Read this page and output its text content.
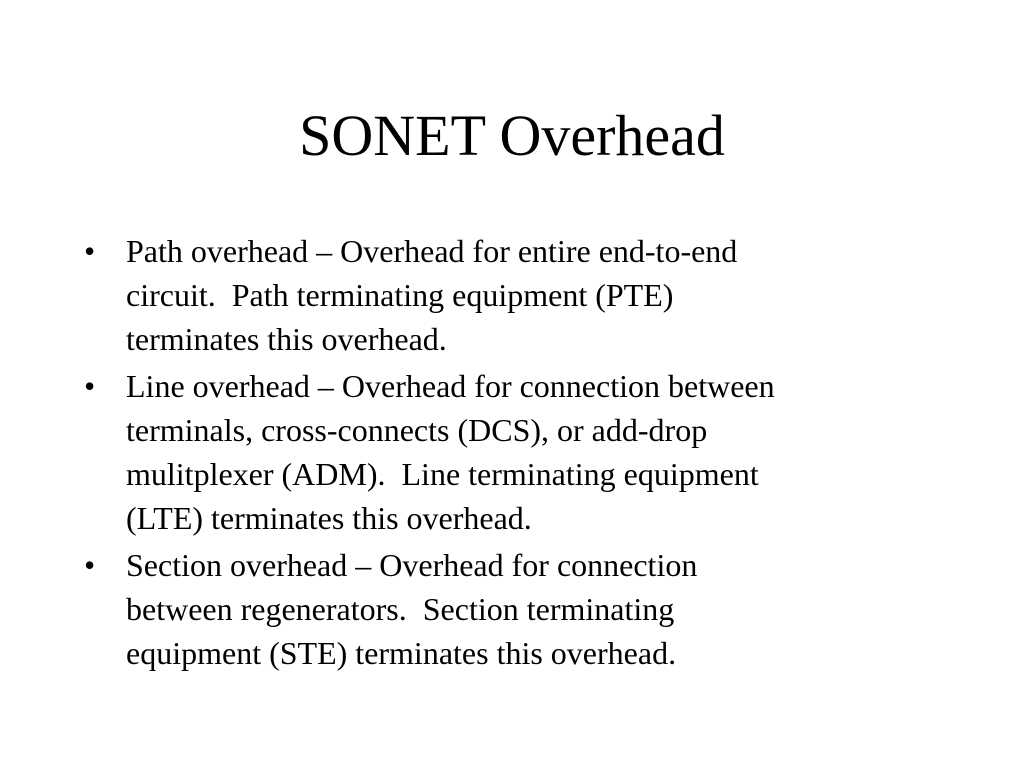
SONET Overhead
• Path overhead – Overhead for entire end-to-end
circuit.  Path terminating equipment (PTE)
terminates this overhead.
• Line overhead – Overhead for connection between
terminals, cross-connects (DCS), or add-drop
mulitplexer (ADM).  Line terminating equipment
(LTE) terminates this overhead.
• Section overhead – Overhead for connection
between regenerators.  Section terminating
equipment (STE) terminates this overhead.
